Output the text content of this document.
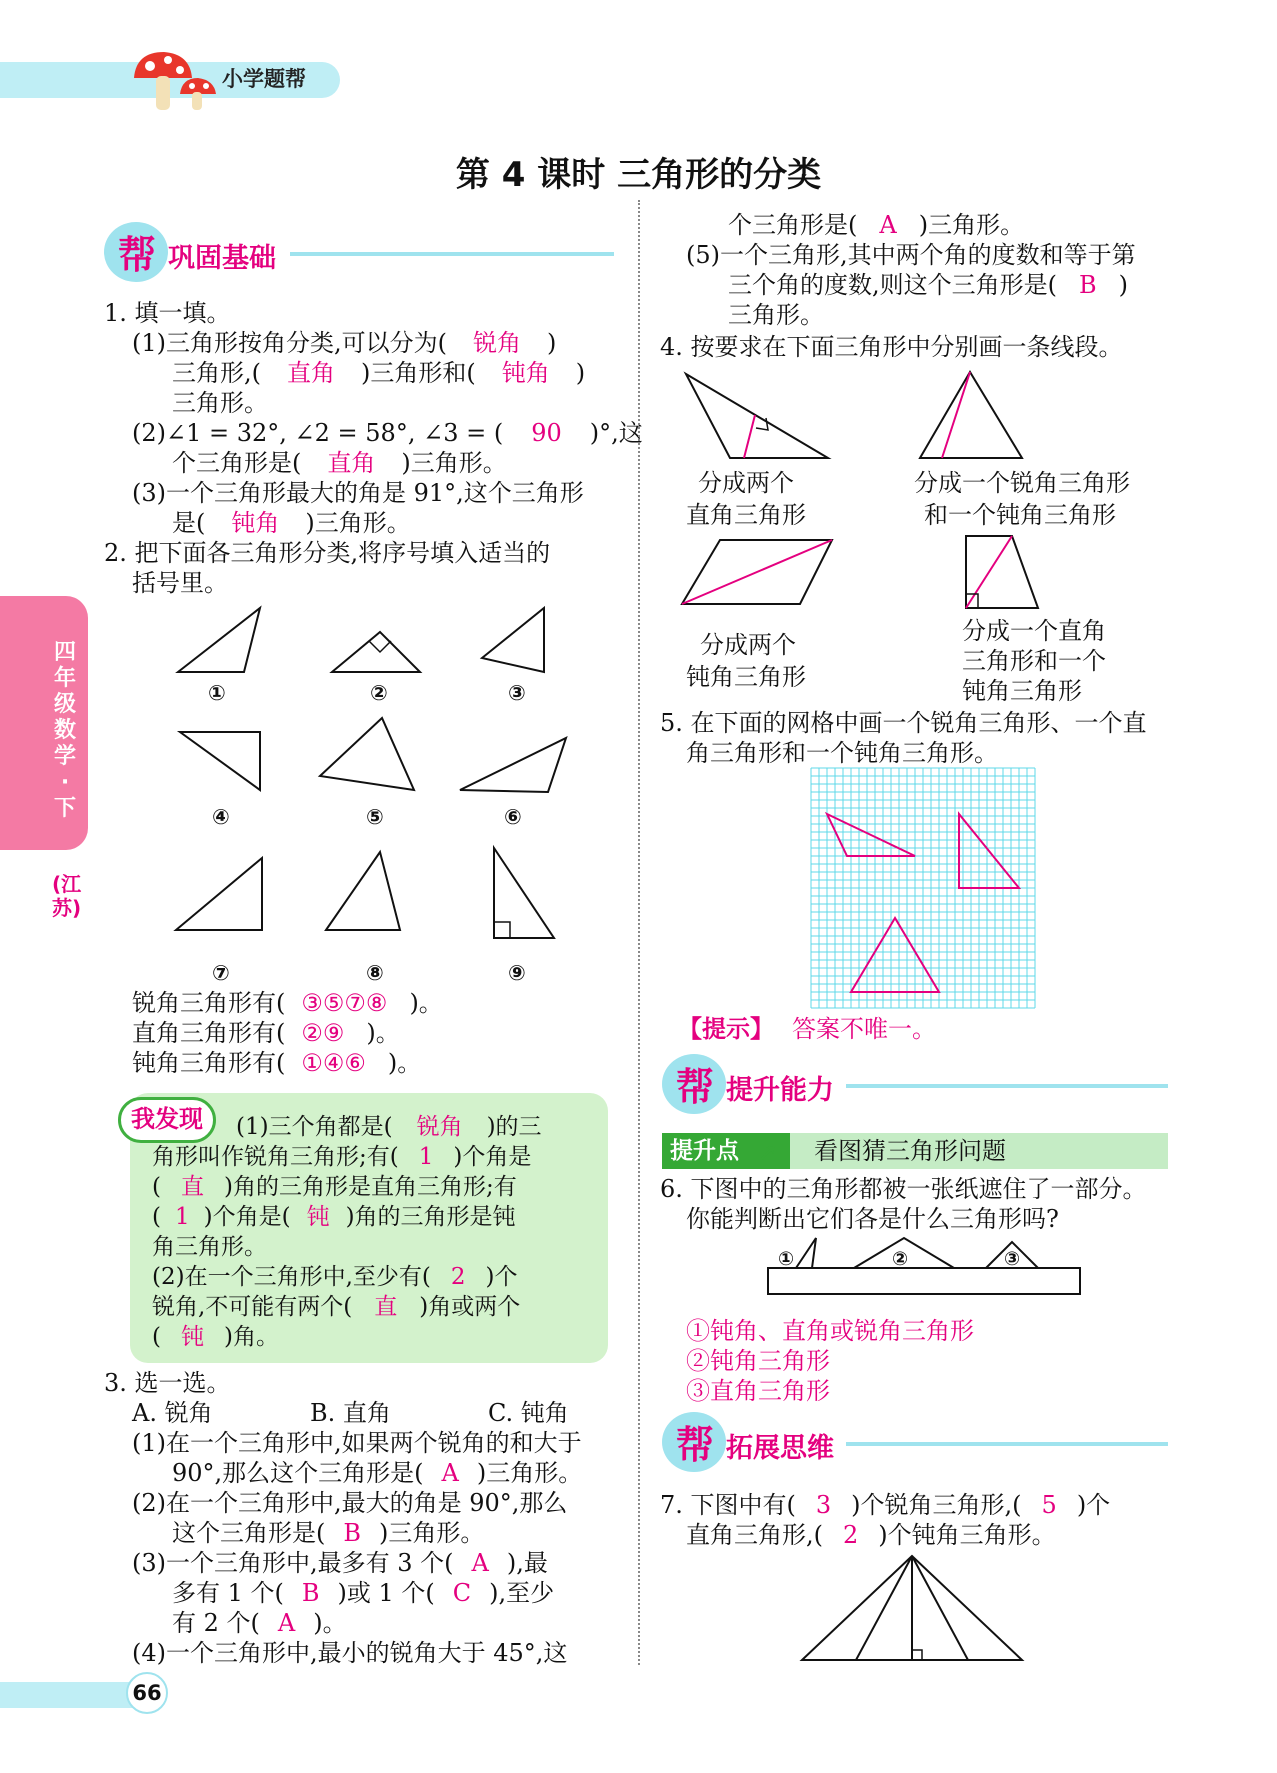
小学题帮
第 4 课时 三角形的分类
四年级数学·下
(江苏)
帮 巩固基础
1. 填一填。
(1)三角形按角分类,可以分为( 锐角 )
三角形,( 直角 )三角形和( 钝角 )
三角形。
(2)∠1 = 32°, ∠2 = 58°, ∠3 = ( 90 )°,这
个三角形是( 直角 )三角形。
(3)一个三角形最大的角是 91°,这个三角形
是( 钝角 )三角形。
2. 把下面各三角形分类,将序号填入适当的
括号里。
①	②	③
④	⑤	⑥
⑦	⑧	⑨
锐角三角形有( ③⑤⑦⑧ )。
直角三角形有( ②⑨ )。
钝角三角形有( ①④⑥ )。
我发现	(1)三个角都是( 锐角 )的三
角形叫作锐角三角形;有( 1 )个角是
( 直 )角的三角形是直角三角形;有
( 1 )个角是( 钝 )角的三角形是钝
角三角形。
(2)在一个三角形中,至少有( 2 )个
锐角,不可能有两个( 直 )角或两个
( 钝 )角。
3. 选一选。
A. 锐角	B. 直角	C. 钝角
(1)在一个三角形中,如果两个锐角的和大于
90°,那么这个三角形是( A )三角形。
(2)在一个三角形中,最大的角是 90°,那么
这个三角形是( B )三角形。
(3)一个三角形中,最多有 3 个( A ),最
多有 1 个( B )或 1 个( C ),至少
有 2 个( A )。
(4)一个三角形中,最小的锐角大于 45°,这
个三角形是( A )三角形。
(5)一个三角形,其中两个角的度数和等于第
三个角的度数,则这个三角形是( B )
三角形。
4. 按要求在下面三角形中分别画一条线段。
分成两个
直角三角形
分成一个锐角三角形
和一个钝角三角形
分成两个
钝角三角形
分成一个直角
三角形和一个
钝角三角形
5. 在下面的网格中画一个锐角三角形、一个直
角三角形和一个钝角三角形。
【提示】 答案不唯一。
帮 提升能力
提升点 ➚ 看图猜三角形问题
6. 下图中的三角形都被一张纸遮住了一部分。
你能判断出它们各是什么三角形吗?
①	②	③
①钝角、直角或锐角三角形
②钝角三角形
③直角三角形
帮 拓展思维
7. 下图中有( 3 )个锐角三角形,( 5 )个
直角三角形,( 2 )个钝角三角形。
66
